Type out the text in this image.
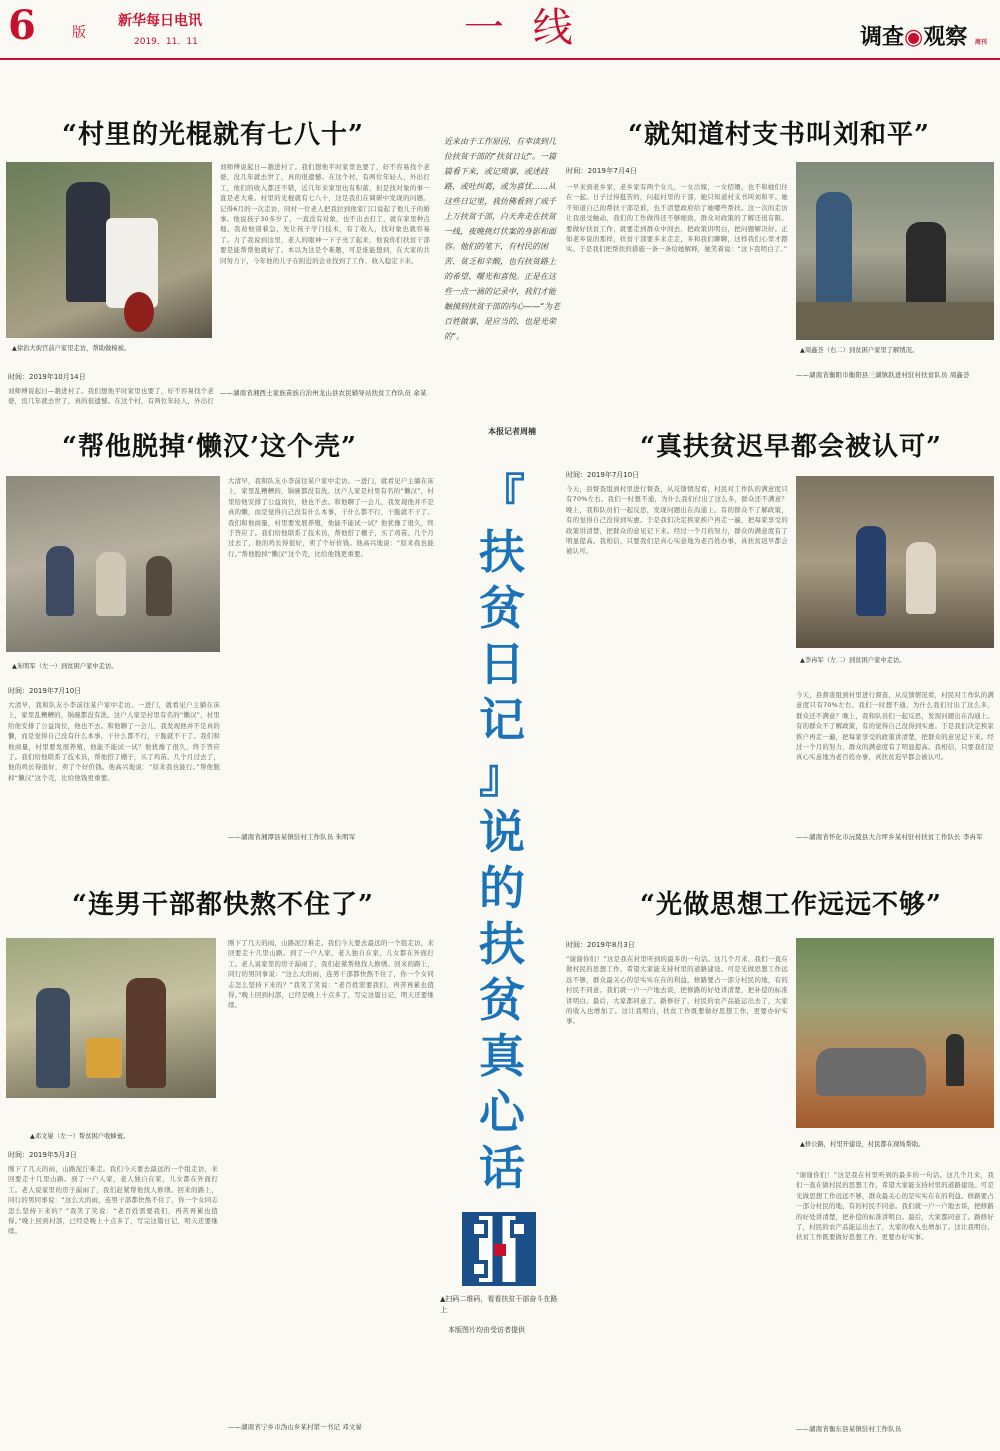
6	版
新华每日电讯
2019．11．11	一 线	调查◉观察 周刊
近来由于工作原因，有幸读到几位扶贫干部的“扶贫日记”。一篇篇看下来，或记琐事，或述歧路，或吐纠葛，或为喜忧……从这些日记里，我仿佛看到了成千上万扶贫干部，白天奔走在扶贫一线，夜晚挑灯伏案的身影和面容。他们的笔下，有村民的困苦、贫乏和辛酸，也有扶贫路上的希望、曙光和喜悦。正是在这些一点一滴的记录中，我们才能触摸到扶贫干部的内心——“为老百姓做事，是应当的，也是光荣的”。
本报记者周楠
『
扶
贫
日
记
』
说
的
扶
贫
真
心
话
▲扫码二维码，看看扶贫干部奋斗在路上
本版图片均由受访者提供
“村里的光棍就有七八十”
▲徐治大街官前户家里走访，帮助做棉被。
时间：2019年10月14日
刘师傅说起日—趟进村了。我们想他平时家里也要了，好不容易找个老婆，没几年就去世了，真的很遗憾。在这个村，有两位年轻人，外出打
刘师傅说起日—趟进村了。我们想他平时家里也要了，好不容易找个老婆，没几年就去世了，真的很遗憾。在这个村，有两位年轻人，外出打工，他们的收入都还不错，近几年来家里也有积蓄，但是找对象的事一直是老大难。村里的光棍就有七八十，这是我们在调研中发现的问题。记得6月的一次走访，同村一位老人把我拉到他家门口说起了他儿子的婚事。他说孩子30多岁了，一直没有对象，也不出去打工，就在家里种点地。我劝他别着急，先让孩子学门技术，有了收入，找对象也就容易了。力了我说到这里，老人的眼神一下子亮了起来，他说你们扶贫干部要是能帮帮他就好了。本以为这是个难题，可是谁能想到，在大家的共同努力下，今年他的儿子在附近的企业找到了工作，收入稳定下来。
——湖南省湘西土家族苗族自治州龙山县农民辅导站扶贫工作队员 余某
“就知道村支书叫刘和平”
时间：2019年7月4日
一早来到老乡家，老乡家有两个女儿，一女出嫁，一女招婿，也不和她们住在一起。日子过得挺苦的，问起村里的干部，她只知道村支书叫刘和平。她不知道自己的帮扶干部是谁，也不清楚政府给了她哪些帮扶。这一次的走访让我很受触动，我们的工作做得还不够细致，群众对政策的了解还很有限。要做好扶贫工作，就要走到群众中间去，把政策讲明白，把问题解决好。正如老乡说的那样，扶贫干部要多来走走，多和我们聊聊，这样我们心里才踏实。于是我们把帮扶的措施一条一条给她解释，她笑着说：“这下我明白了。”
▲周鑫荟（右二）到贫困户家里了解情况。
——湖南省衡阳市衡阳县三湖镇跃进村驻村扶贫队员 周鑫荟
“帮他脱掉‘懒汉’这个壳”
▲朱明军（左一）到贫困户家中走访。
时间：2019年7月10日
大清早，我和队友小李前往某户家中走访。一进门，就看见户主躺在床上，家里乱糟糟的，锅碗都没有洗。这户人家是村里有名的“懒汉”，村里给他安排了公益岗位，他也不去。和他聊了一会儿，我发现他并不是真的懒，而是觉得自己没有什么本事，干什么都不行，干脆就不干了。我们和他商量，村里要发展养殖，他能不能试一试？他犹豫了很久，终于答应了。我们给他联系了技术员，帮他搭了棚子，买了鸡苗。几个月过去了，他的鸡长得很好，卖了个好价钱。他高兴地说：“原来我也能行。”帮他脱掉“懒汉”这个壳，比给他钱更重要。
大清早，我和队友小李前往某户家中走访。一进门，就看见户主躺在床上，家里乱糟糟的，锅碗都没有洗。这户人家是村里有名的“懒汉”，村里给他安排了公益岗位，他也不去。和他聊了一会儿，我发现他并不是真的懒，而是觉得自己没有什么本事，干什么都不行，干脆就不干了。我们和他商量，村里要发展养殖，他能不能试一试？他犹豫了很久，终于答应了。我们给他联系了技术员，帮他搭了棚子，买了鸡苗。几个月过去了，他的鸡长得很好，卖了个好价钱。他高兴地说：“原来我也能行。”帮他脱掉“懒汉”这个壳，比给他钱更重要。
——湖南省湘潭县某镇驻村工作队员 朱明军
“真扶贫迟早都会被认可”
时间：2019年7月10日
今天，县督查组到村里进行督查，从反馈情况看，村民对工作队的满意度只有70%左右。我们一时想不通，为什么我们付出了这么多，群众还不满意？晚上，我和队员们一起反思，发现问题出在沟通上。有的群众不了解政策，有的觉得自己没得到实惠。于是我们决定挨家挨户再走一遍，把每家享受的政策讲清楚，把群众的意见记下来。经过一个月的努力，群众的满意度有了明显提高。我相信，只要我们是真心实意地为老百姓办事，真扶贫迟早都会被认可。
▲李冉军（左二）到贫困户家中走访。
今天，县督查组到村里进行督查，从反馈情况看，村民对工作队的满意度只有70%左右。我们一时想不通，为什么我们付出了这么多，群众还不满意？晚上，我和队员们一起反思，发现问题出在沟通上。有的群众不了解政策，有的觉得自己没得到实惠。于是我们决定挨家挨户再走一遍，把每家享受的政策讲清楚，把群众的意见记下来。经过一个月的努力，群众的满意度有了明显提高。我相信，只要我们是真心实意地为老百姓办事，真扶贫迟早都会被认可。
——湖南省怀化市沅陵县大合坪乡某村驻村扶贫工作队长 李冉军
“连男干部都快熬不住了”
▲邓文晏（左一）帮贫困户收蜂蜜。
时间：2019年5月3日
刚下了几天的雨，山路泥泞难走。我们今天要去最远的一个组走访，来回要走十几里山路。到了一户人家，老人独自在家，儿女都在外面打工。老人说家里的房子漏雨了，我们赶紧帮他找人修缮。回来的路上，同行的男同事说：“这么大的雨，连男干部都快熬不住了，你一个女同志怎么坚持下来的？”我笑了笑说：“老百姓需要我们，再苦再累也值得。”晚上回到村部，已经是晚上十点多了，写完这篇日记，明天还要继续。
刚下了几天的雨，山路泥泞难走。我们今天要去最远的一个组走访，来回要走十几里山路。到了一户人家，老人独自在家，儿女都在外面打工。老人说家里的房子漏雨了，我们赶紧帮他找人修缮。回来的路上，同行的男同事说：“这么大的雨，连男干部都快熬不住了，你一个女同志怎么坚持下来的？”我笑了笑说：“老百姓需要我们，再苦再累也值得。”晚上回到村部，已经是晚上十点多了，写完这篇日记，明天还要继续。
——湖南省宁乡市沩山乡某村第一书记 邓文晏
“光做思想工作远远不够”
时间：2019年8月3日
“谢谢你们！”这是我在村里听到的最多的一句话。这几个月来，我们一直在做村民的思想工作，希望大家能支持村里的道路建设。可是光做思想工作远远不够，群众最关心的是实实在在的利益。修路要占一部分村民的地，有的村民不同意。我们就一户一户地去谈，把修路的好处讲清楚，把补偿的标准讲明白。最后，大家都同意了。路修好了，村民的农产品能运出去了，大家的收入也增加了。这让我明白，扶贫工作既要做好思想工作，更要办好实事。
▲修公路，村里开建设，村民都在现场帮助。
“谢谢你们！”这是我在村里听到的最多的一句话。这几个月来，我们一直在做村民的思想工作，希望大家能支持村里的道路建设。可是光做思想工作远远不够，群众最关心的是实实在在的利益。修路要占一部分村民的地，有的村民不同意。我们就一户一户地去谈，把修路的好处讲清楚，把补偿的标准讲明白。最后，大家都同意了。路修好了，村民的农产品能运出去了，大家的收入也增加了。这让我明白，扶贫工作既要做好思想工作，更要办好实事。
——湖南省衡东县某镇驻村工作队员
